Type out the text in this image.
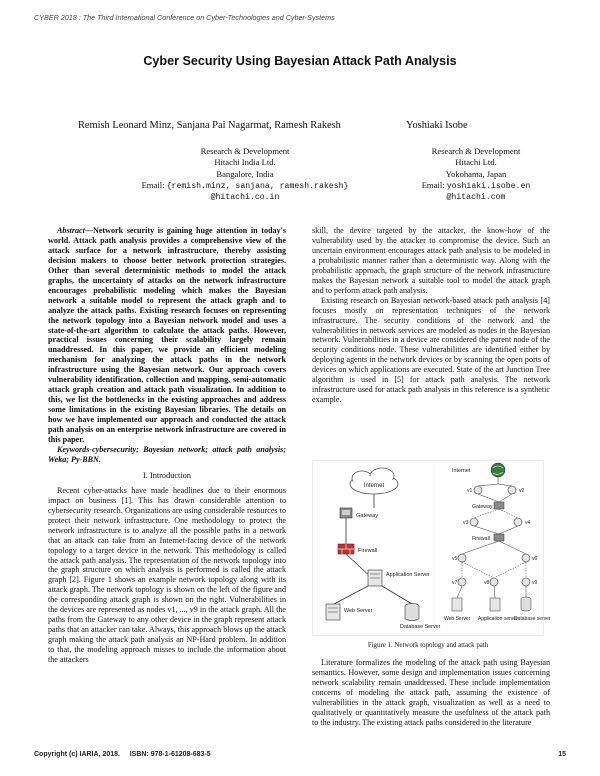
CYBER 2018 : The Third International Conference on Cyber-Technologies and Cyber-Systems
Cyber Security Using Bayesian Attack Path Analysis
Remish Leonard Minz, Sanjana Pai Nagarmat, Ramesh Rakesh
Research & Development
Hitachi India Ltd.
Bangalore, India
Email: {remish.minz, sanjana, ramesh.rakesh}
@hitachi.co.in
Yoshiaki Isobe
Research & Development
Hitachi Ltd.
Yokohama, Japan
Email: yoshiaki.isobe.en
@hitachi.com

Abstract—Network security is gaining huge attention in today's world. Attack path analysis provides a comprehensive view of the attack surface for a network infrastructure, thereby assisting decision makers to choose better network protection strategies. Other than several deterministic methods to model the attack graphs, the uncertainty of attacks on the network infrastructure encourages probabilistic modeling which makes the Bayesian network a suitable model to represent the attack graph and to analyze the attack paths. Existing research focuses on representing the network topology into a Bayesian network model and uses a state-of-the-art algorithm to calculate the attack paths. However, practical issues concerning their scalability largely remain unaddressed. In this paper, we provide an efficient modeling mechanism for analyzing the attack paths in the network infrastructure using the Bayesian network. Our approach covers vulnerability identification, collection and mapping, semi-automatic attack graph creation and attack path visualization. In addition to this, we list the bottlenecks in the existing approaches and address some limitations in the existing Bayesian libraries. The details on how we have implemented our approach and conducted the attack path analysis on an enterprise network infrastructure are covered in this paper.

Keywords-cybersecurity; Bayesian network; attack path analysis; Weka; Py-BBN.

I. Introduction

Recent cyber-attacks have made headlines due to their enormous impact on business [1]. This has drawn considerable attention to cybersecurity research. Organizations are using considerable resources to protect their network infrastructure. One methodology to protect the network infrastructure is to analyze all the possible paths in a network that an attack can take from an Internet-facing device of the network topology to a target device in the network. This methodology is called the attack path analysis. The representation of the network topology into the graph structure on which analysis is performed is called the attack graph [2]. Figure 1 shows an example network topology along with its attack graph. The network topology is shown on the left of the figure and the corresponding attack graph is shown on the right. Vulnerabilities in the devices are represented as nodes v1, ..., v9 in the attack graph. All the paths from the Gateway to any other device in the graph represent attack paths that an attacker can take. Always, this approach blows up the attack graph making the attack path analysis an NP-Hard problem. In addition to that, the modeling approach misses to include the information about the attackers

skill, the device targeted by the attacker, the know-how of the vulnerability used by the attacker to compromise the device. Such an uncertain environment encourages attack path analysis to be modeled in a probabilistic manner rather than a deterministic way. Along with the probabilistic approach, the graph structure of the network infrastructure makes the Bayesian network a suitable tool to model the attack graph and to perform attack path analysis.

Existing research on Bayesian network-based attack path analysis [4] focuses mostly on representation techniques of the network infrastructure. The security conditions of the network and the vulnerabilities in network services are modeled as nodes in the Bayesian network. Vulnerabilities in a device are considered the parent node of the security conditions node. These vulnerabilities are identified either by deploying agents in the network devices or by scanning the open ports of devices on which applications are executed. State of the art Junction Tree algorithm is used in [5] for attack path analysis. The network infrastructure used for attack path analysis in this reference is a synthetic example.

Internet
Gateway
Firewall
Application Server
Web Server
Database Server
Internet
v1	v2
Gateway
v3	v4
Firewall
v5	v6
v7	v8	v9
Web Server Application server
Database server
Figure 1. Network topology and attack path

Literature formalizes the modeling of the attack path using Bayesian semantics. However, some design and implementation issues concerning network scalability remain unaddressed. These include implementation concerns of modeling the attack path, assuming the existence of vulnerabilities in the attack graph, visualization as well as a need to qualitatively or quantitatively measure the usefulness of the attack path to the industry. The existing attack paths considered in the literature

Copyright (c) IARIA, 2018. ISBN: 978-1-61208-683-5	15
